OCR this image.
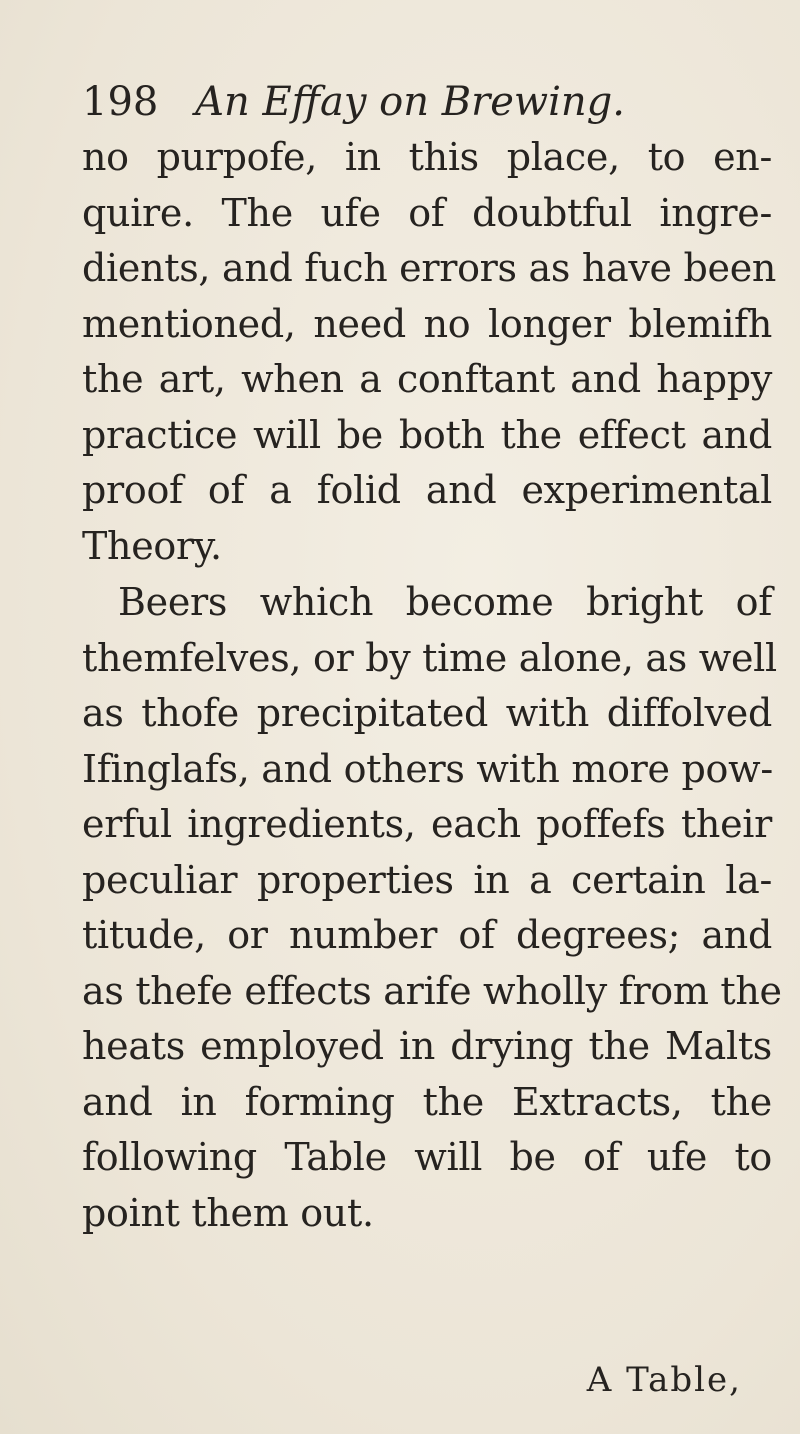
198 An Effay on Brewing.
no purpofe, in this place, to en-
quire. The ufe of doubtful ingre-
dients, and fuch errors as have been
mentioned, need no longer blemifh
the art, when a conftant and happy
practice will be both the effect and
proof of a folid and experimental
Theory.
Beers which become bright of
themfelves, or by time alone, as well
as thofe precipitated with diffolved
Ifinglafs, and others with more pow-
erful ingredients, each poffefs their
peculiar properties in a certain la-
titude, or number of degrees; and
as thefe effects arife wholly from the
heats employed in drying the Malts
and in forming the Extracts, the
following Table will be of ufe to
point them out.
A Table,
